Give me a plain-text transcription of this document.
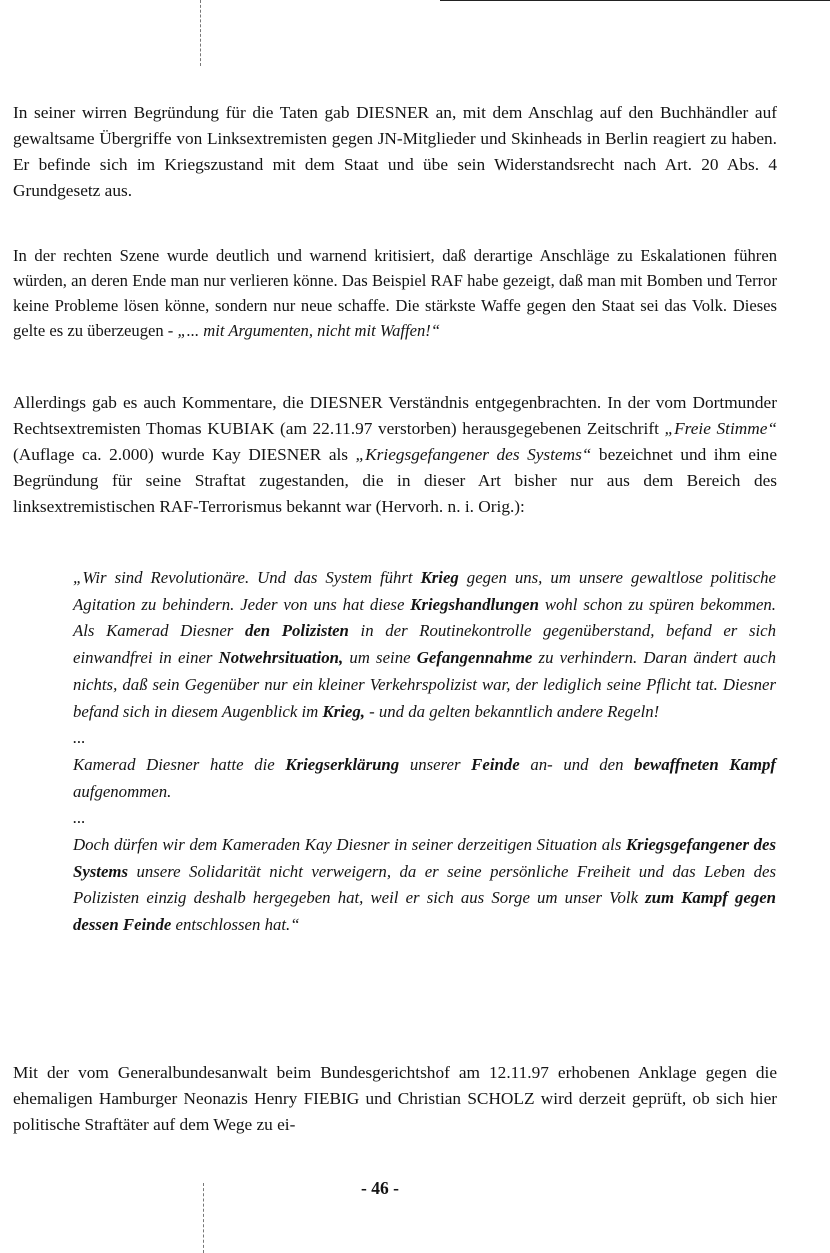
In seiner wirren Begründung für die Taten gab DIESNER an, mit dem Anschlag auf den Buchhändler auf gewaltsame Übergriffe von Linksextremisten gegen JN-Mitglieder und Skinheads in Berlin reagiert zu haben. Er befinde sich im Kriegszustand mit dem Staat und übe sein Widerstandsrecht nach Art. 20 Abs. 4 Grundgesetz aus.

In der rechten Szene wurde deutlich und warnend kritisiert, daß derartige Anschläge zu Eskalationen führen würden, an deren Ende man nur verlieren könne. Das Beispiel RAF habe gezeigt, daß man mit Bomben und Terror keine Probleme lösen könne, sondern nur neue schaffe. Die stärkste Waffe gegen den Staat sei das Volk. Dieses gelte es zu überzeugen - „... mit Argumenten, nicht mit Waffen!“

Allerdings gab es auch Kommentare, die DIESNER Verständnis entgegenbrachten. In der vom Dortmunder Rechtsextremisten Thomas KUBIAK (am 22.11.97 verstorben) herausgegebenen Zeitschrift „Freie Stimme“ (Auflage ca. 2.000) wurde Kay DIESNER als „Kriegsgefangener des Systems“ bezeichnet und ihm eine Begründung für seine Straftat zugestanden, die in dieser Art bisher nur aus dem Bereich des linksextremistischen RAF-Terrorismus bekannt war (Hervorh. n. i. Orig.):

„Wir sind Revolutionäre. Und das System führt Krieg gegen uns, um unsere gewaltlose politische Agitation zu behindern. Jeder von uns hat diese Kriegshandlungen wohl schon zu spüren bekommen. Als Kamerad Diesner den Polizisten in der Routinekontrolle gegenüberstand, befand er sich einwandfrei in einer Notwehrsituation, um seine Gefangennahme zu verhindern. Daran ändert auch nichts, daß sein Gegenüber nur ein kleiner Verkehrspolizist war, der lediglich seine Pflicht tat. Diesner befand sich in diesem Augenblick im Krieg, - und da gelten bekanntlich andere Regeln!

...

Kamerad Diesner hatte die Kriegserklärung unserer Feinde an- und den bewaffneten Kampf aufgenommen.

...

Doch dürfen wir dem Kameraden Kay Diesner in seiner derzeitigen Situation als Kriegsgefangener des Systems unsere Solidarität nicht verweigern, da er seine persönliche Freiheit und das Leben des Polizisten einzig deshalb hergegeben hat, weil er sich aus Sorge um unser Volk zum Kampf gegen dessen Feinde entschlossen hat.“

Mit der vom Generalbundesanwalt beim Bundesgerichtshof am 12.11.97 erhobenen Anklage gegen die ehemaligen Hamburger Neonazis Henry FIEBIG und Christian SCHOLZ wird derzeit geprüft, ob sich hier politische Straftäter auf dem Wege zu ei-

- 46 -
